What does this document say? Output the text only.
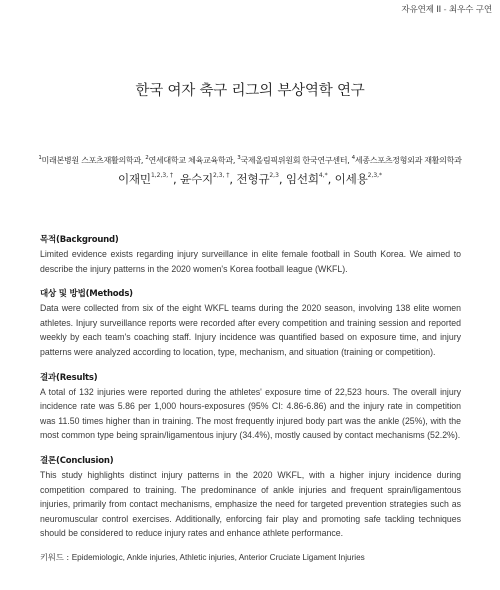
자유연제 II - 최우수 구연
한국 여자 축구 리그의 부상역학 연구
$^1$미래본병원 스포츠재활의학과, $^2$연세대학교 체육교육학과, $^3$국제올림픽위원회 한국연구센터, $^4$세종스포츠정형외과 재활의학과
이재민$^{1,2,3, \dagger}$, 윤수지$^{2,3, \dagger}$, 전형규$^{2,3}$, 임선희$^{4,*}$, 이세용$^{2,3,*}$

목적(Background)

Limited evidence exists regarding injury surveillance in elite female football in South Korea. We aimed to describe the injury patterns in the 2020 women's Korea football league (WKFL).

대상 및 방법(Methods)

Data were collected from six of the eight WKFL teams during the 2020 season, involving 138 elite women athletes. Injury surveillance reports were recorded after every competition and training session and reported weekly by each team's coaching staff. Injury incidence was quantified based on exposure time, and injury patterns were analyzed according to location, type, mechanism, and situation (training or competition).

결과(Results)

A total of 132 injuries were reported during the athletes' exposure time of 22,523 hours. The overall injury incidence rate was 5.86 per 1,000 hours-exposures (95% CI: 4.86-6.86) and the injury rate in competition was 11.50 times higher than in training. The most frequently injured body part was the ankle (25%), with the most common type being sprain/ligamentous injury (34.4%), mostly caused by contact mechanisms (52.2%).

결론(Conclusion)

This study highlights distinct injury patterns in the 2020 WKFL, with a higher injury incidence during competition compared to training. The predominance of ankle injuries and frequent sprain/ligamentous injuries, primarily from contact mechanisms, emphasize the need for targeted prevention strategies such as neuromuscular control exercises. Additionally, enforcing fair play and promoting safe tackling techniques should be considered to reduce injury rates and enhance athlete performance.

키워드 : Epidemiologic, Ankle injuries, Athletic injuries, Anterior Cruciate Ligament Injuries
